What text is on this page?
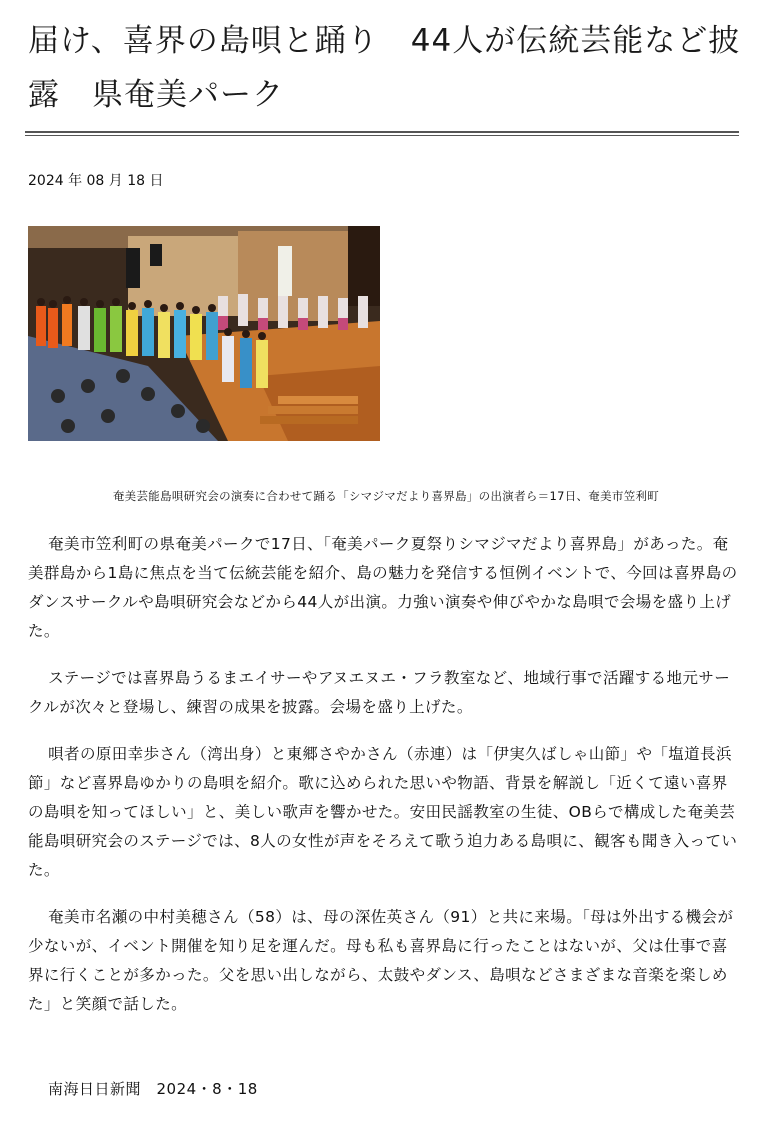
届け、喜界の島唄と踊り　44人が伝統芸能など披露　県奄美パーク
2024 年 08 月 18 日
奄美芸能島唄研究会の演奏に合わせて踊る「シマジマだより喜界島」の出演者ら＝17日、奄美市笠利町

奄美市笠利町の県奄美パークで17日、「奄美パーク夏祭りシマジマだより喜界島」があった。奄美群島から1島に焦点を当て伝統芸能を紹介、島の魅力を発信する恒例イベントで、今回は喜界島のダンスサークルや島唄研究会などから44人が出演。力強い演奏や伸びやかな島唄で会場を盛り上げた。

ステージでは喜界島うるまエイサーやアヌエヌエ・フラ教室など、地域行事で活躍する地元サークルが次々と登場し、練習の成果を披露。会場を盛り上げた。

唄者の原田幸歩さん（湾出身）と東郷さやかさん（赤連）は「伊実久ばしゃ山節」や「塩道長浜節」など喜界島ゆかりの島唄を紹介。歌に込められた思いや物語、背景を解説し「近くて遠い喜界の島唄を知ってほしい」と、美しい歌声を響かせた。安田民謡教室の生徒、OBらで構成した奄美芸能島唄研究会のステージでは、8人の女性が声をそろえて歌う迫力ある島唄に、観客も聞き入っていた。

奄美市名瀬の中村美穂さん（58）は、母の深佐英さん（91）と共に来場。「母は外出する機会が少ないが、イベント開催を知り足を運んだ。母も私も喜界島に行ったことはないが、父は仕事で喜界に行くことが多かった。父を思い出しながら、太鼓やダンス、島唄などさまざまな音楽を楽しめた」と笑顔で話した。

南海日日新聞　2024・8・18
